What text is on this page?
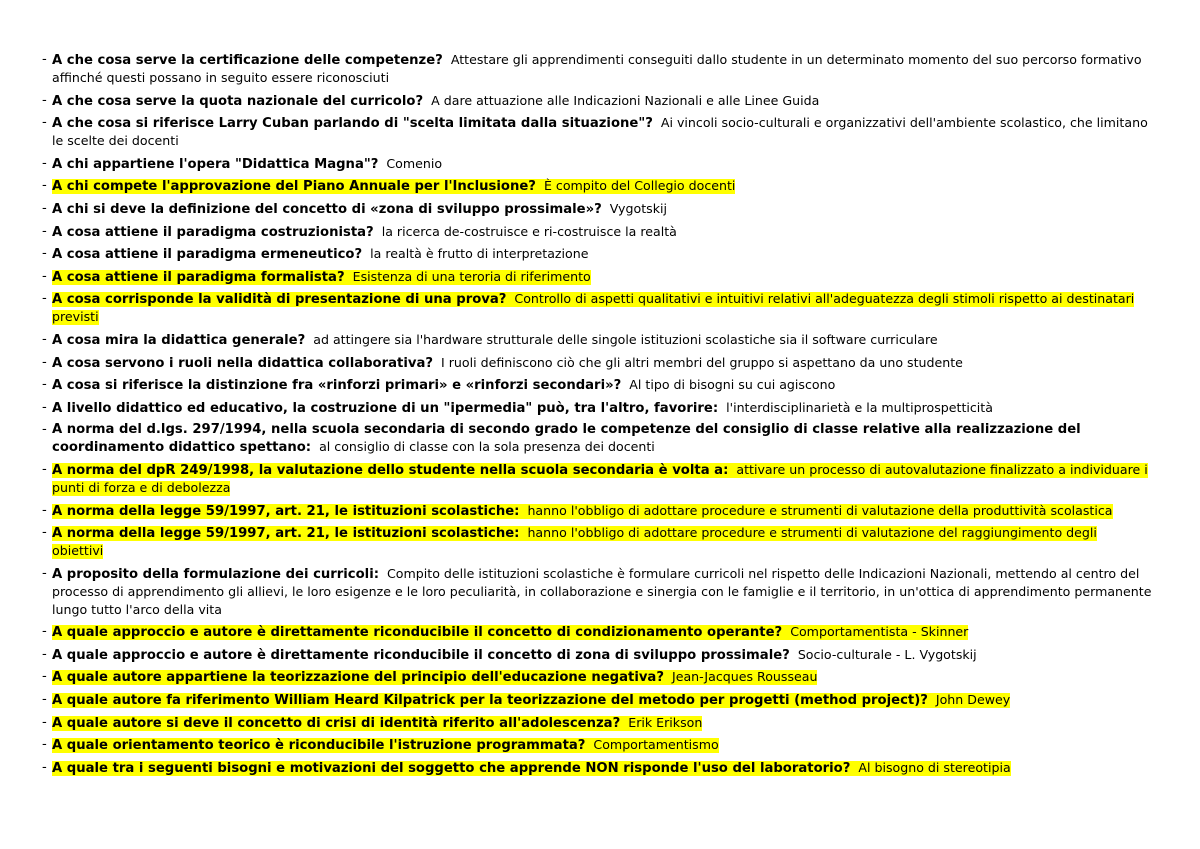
- A che cosa serve la certificazione delle competenze? Attestare gli apprendimenti conseguiti dallo studente in un determinato momento del suo percorso formativo affinché questi possano in seguito essere riconosciuti
- A che cosa serve la quota nazionale del curricolo? A dare attuazione alle Indicazioni Nazionali e alle Linee Guida
- A che cosa si riferisce Larry Cuban parlando di "scelta limitata dalla situazione"? Ai vincoli socio-culturali e organizzativi dell'ambiente scolastico, che limitano le scelte dei docenti
- A chi appartiene l'opera "Didattica Magna"? Comenio
- A chi compete l'approvazione del Piano Annuale per l'Inclusione? È compito del Collegio docenti
- A chi si deve la definizione del concetto di «zona di sviluppo prossimale»? Vygotskij
- A cosa attiene il paradigma costruzionista? la ricerca de-costruisce e ri-costruisce la realtà
- A cosa attiene il paradigma ermeneutico? la realtà è frutto di interpretazione
- A cosa attiene il paradigma formalista? Esistenza di una teroria di riferimento
- A cosa corrisponde la validità di presentazione di una prova? Controllo di aspetti qualitativi e intuitivi relativi all'adeguatezza degli stimoli rispetto ai destinatari previsti
- A cosa mira la didattica generale? ad attingere sia l'hardware strutturale delle singole istituzioni scolastiche sia il software curriculare
- A cosa servono i ruoli nella didattica collaborativa? I ruoli definiscono ciò che gli altri membri del gruppo si aspettano da uno studente
- A cosa si riferisce la distinzione fra «rinforzi primari» e «rinforzi secondari»? Al tipo di bisogni su cui agiscono
- A livello didattico ed educativo, la costruzione di un "ipermedia" può, tra l'altro, favorire: l'interdisciplinarietà e la multiprospetticità
- A norma del d.lgs. 297/1994, nella scuola secondaria di secondo grado le competenze del consiglio di classe relative alla realizzazione del coordinamento didattico spettano: al consiglio di classe con la sola presenza dei docenti
- A norma del dpR 249/1998, la valutazione dello studente nella scuola secondaria è volta a: attivare un processo di autovalutazione finalizzato a individuare i punti di forza e di debolezza
- A norma della legge 59/1997, art. 21, le istituzioni scolastiche: hanno l'obbligo di adottare procedure e strumenti di valutazione della produttività scolastica
- A norma della legge 59/1997, art. 21, le istituzioni scolastiche: hanno l'obbligo di adottare procedure e strumenti di valutazione del raggiungimento degli obiettivi
- A proposito della formulazione dei curricoli: Compito delle istituzioni scolastiche è formulare curricoli nel rispetto delle Indicazioni Nazionali, mettendo al centro del processo di apprendimento gli allievi, le loro esigenze e le loro peculiarità, in collaborazione e sinergia con le famiglie e il territorio, in un'ottica di apprendimento permanente lungo tutto l'arco della vita
- A quale approccio e autore è direttamente riconducibile il concetto di condizionamento operante? Comportamentista - Skinner
- A quale approccio e autore è direttamente riconducibile il concetto di zona di sviluppo prossimale? Socio-culturale - L. Vygotskij
- A quale autore appartiene la teorizzazione del principio dell'educazione negativa? Jean-Jacques Rousseau
- A quale autore fa riferimento William Heard Kilpatrick per la teorizzazione del metodo per progetti (method project)? John Dewey
- A quale autore si deve il concetto di crisi di identità riferito all'adolescenza? Erik Erikson
- A quale orientamento teorico è riconducibile l'istruzione programmata? Comportamentismo
- A quale tra i seguenti bisogni e motivazioni del soggetto che apprende NON risponde l'uso del laboratorio? Al bisogno di stereotipia
